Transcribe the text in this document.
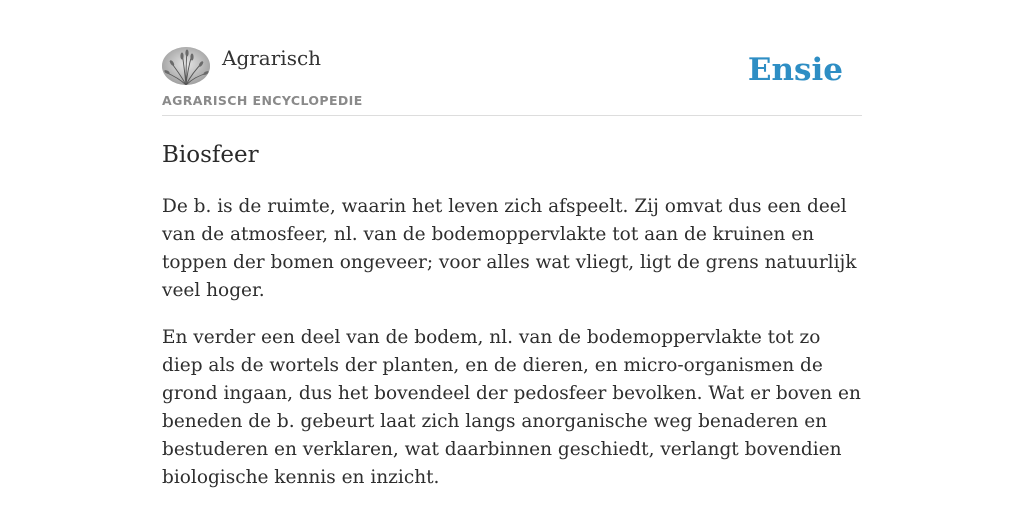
Agrarisch
AGRARISCH ENCYCLOPEDIE
Ensie
Biosfeer

De b. is de ruimte, waarin het leven zich afspeelt. Zij omvat dus een deel van de atmosfeer, nl. van de bodemoppervlakte tot aan de kruinen en toppen der bomen ongeveer; voor alles wat vliegt, ligt de grens natuurlijk veel hoger.

En verder een deel van de bodem, nl. van de bodemoppervlakte tot zo diep als de wortels der planten, en de dieren, en micro-organismen de grond ingaan, dus het bovendeel der pedosfeer bevolken. Wat er boven en beneden de b. gebeurt laat zich langs anorganische weg benaderen en bestuderen en verklaren, wat daarbinnen geschiedt, verlangt bovendien biologische kennis en inzicht.
